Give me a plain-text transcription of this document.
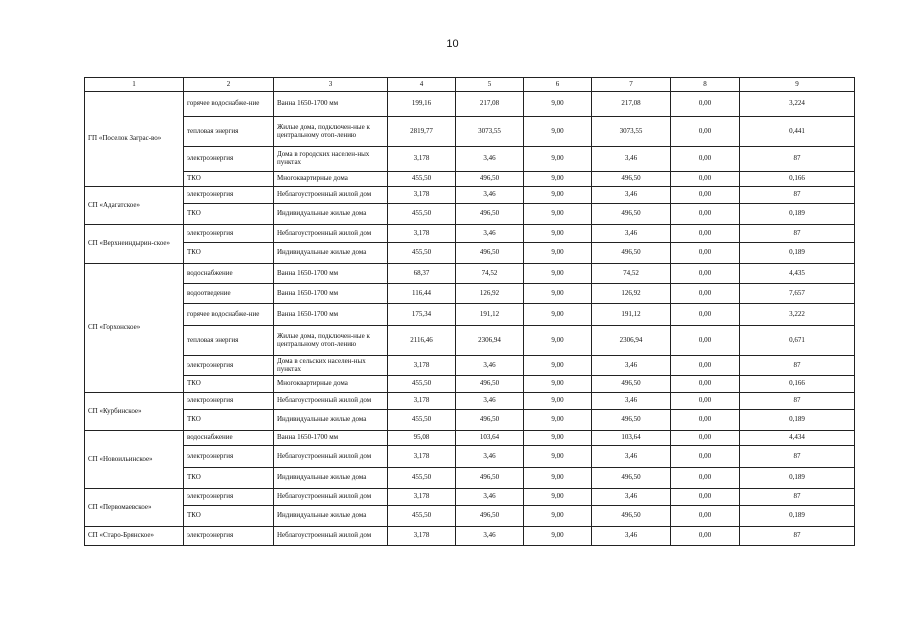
10
1	2	3	4	5	6	7	8	9
ГП «Поселок Заграс-во»	горячее водоснабже-ние	Ванна 1650-1700 мм	199,16	217,08	9,00	217,08	0,00	3,224
	тепловая энергия	Жилые дома, подключен-ные к центральному отоп-лению	2819,77	3073,55	9,00	3073,55	0,00	0,441
	электроэнергия	Дома в городских населен-ных пунктах	3,178	3,46	9,00	3,46	0,00	87
	ТКО	Многоквартирные дома	455,50	496,50	9,00	496,50	0,00	0,166
СП «Адагатское»	электроэнергия	Неблагоустроенный жилой дом	3,178	3,46	9,00	3,46	0,00	87
	ТКО	Индивидуальные жилые дома	455,50	496,50	9,00	496,50	0,00	0,189
СП «Верхнеиндырин-ское»	электроэнергия	Неблагоустроенный жилой дом	3,178	3,46	9,00	3,46	0,00	87
	ТКО	Индивидуальные жилые дома	455,50	496,50	9,00	496,50	0,00	0,189
СП «Горхонское»	водоснабжение	Ванна 1650-1700 мм	68,37	74,52	9,00	74,52	0,00	4,435
	водоотведение	Ванна 1650-1700 мм	116,44	126,92	9,00	126,92	0,00	7,657
	горячее водоснабже-ние	Ванна 1650-1700 мм	175,34	191,12	9,00	191,12	0,00	3,222
	тепловая энергия	Жилые дома, подключен-ные к центральному отоп-лению	2116,46	2306,94	9,00	2306,94	0,00	0,671
	электроэнергия	Дома в сельских населен-ных пунктах	3,178	3,46	9,00	3,46	0,00	87
	ТКО	Многоквартирные дома	455,50	496,50	9,00	496,50	0,00	0,166
СП «Курбинское»	электроэнергия	Неблагоустроенный жилой дом	3,178	3,46	9,00	3,46	0,00	87
	ТКО	Индивидуальные жилые дома	455,50	496,50	9,00	496,50	0,00	0,189
СП «Новоильинское»	водоснабжение	Ванна 1650-1700 мм	95,08	103,64	9,00	103,64	0,00	4,434
	электроэнергия	Неблагоустроенный жилой дом	3,178	3,46	9,00	3,46	0,00	87
	ТКО	Индивидуальные жилые дома	455,50	496,50	9,00	496,50	0,00	0,189
СП «Первомаевское»	электроэнергия	Неблагоустроенный жилой дом	3,178	3,46	9,00	3,46	0,00	87
	ТКО	Индивидуальные жилые дома	455,50	496,50	9,00	496,50	0,00	0,189
СП «Старо-Брянское»	электроэнергия	Неблагоустроенный жилой дом	3,178	3,46	9,00	3,46	0,00	87
